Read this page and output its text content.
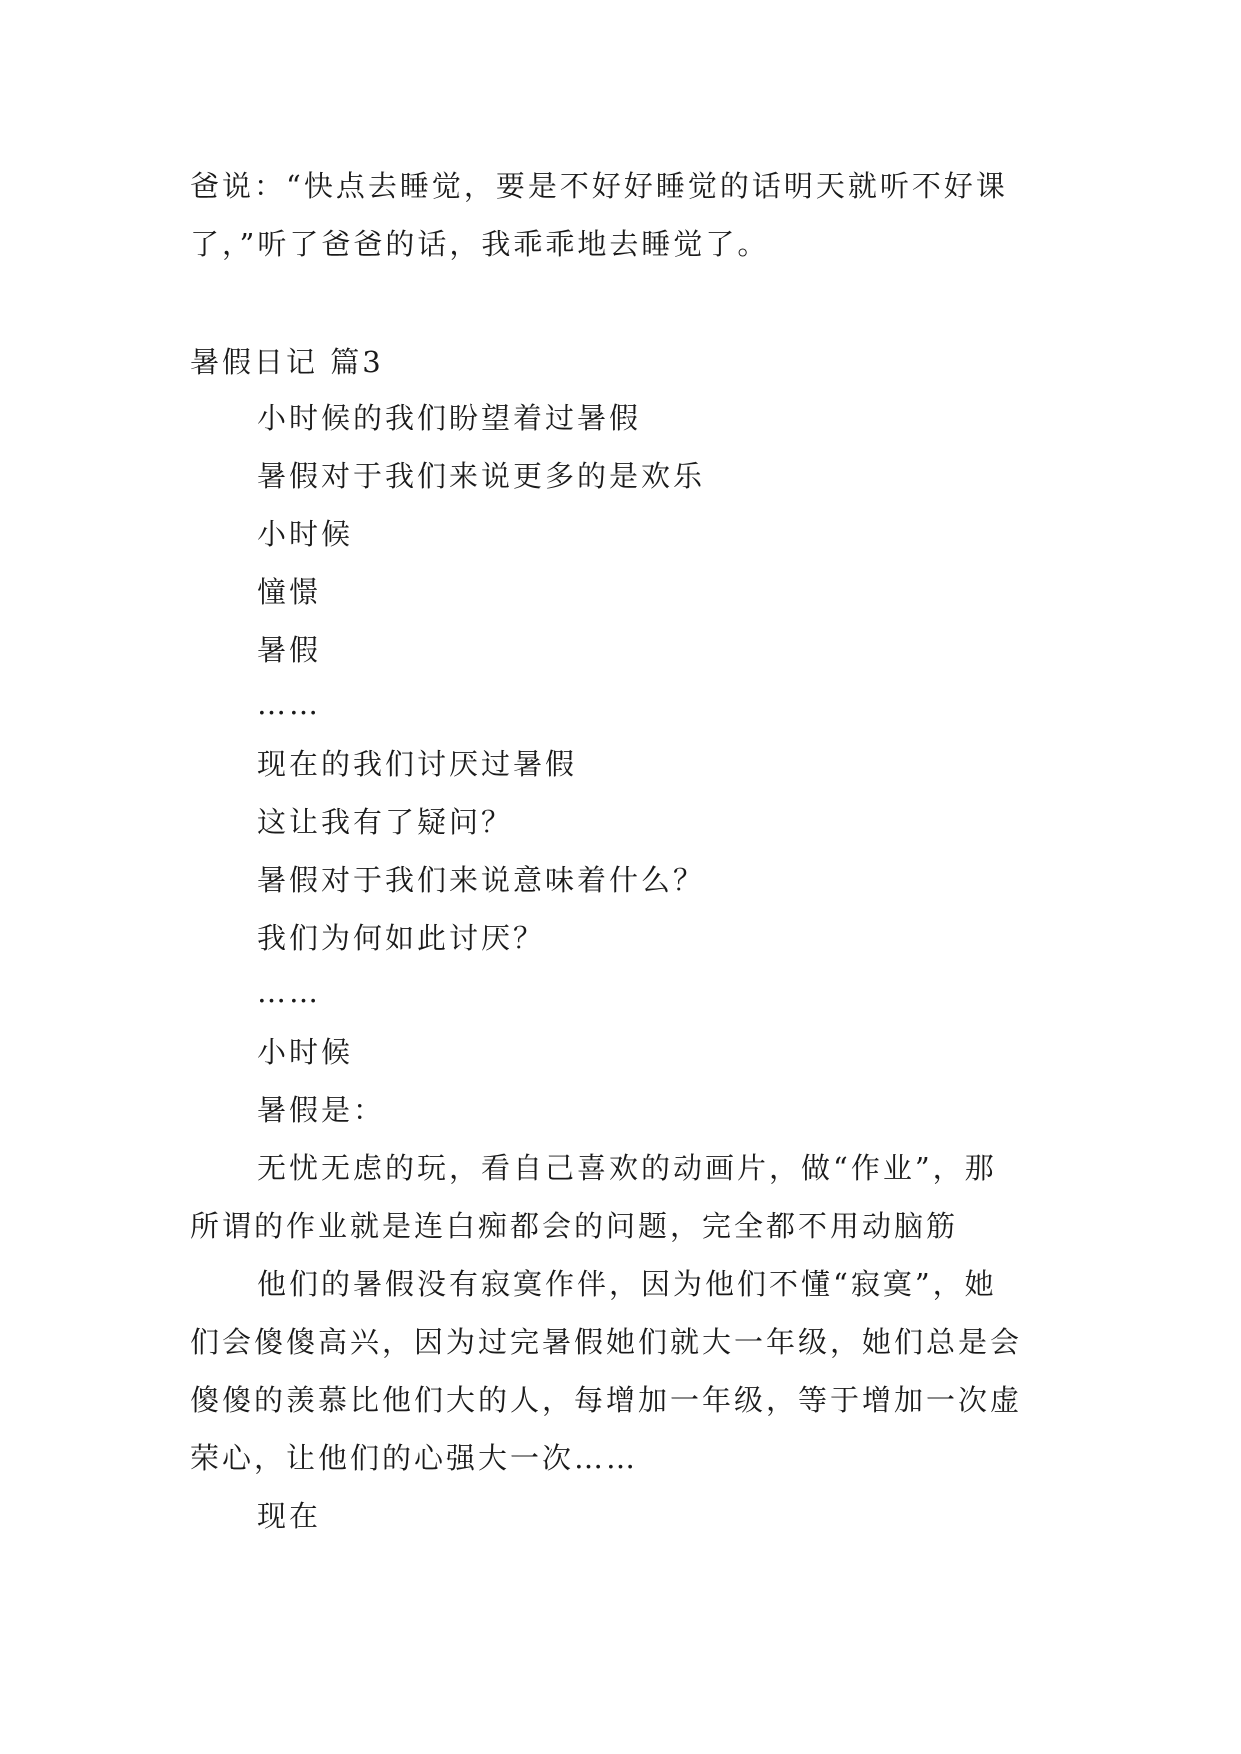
爸说：“快点去睡觉，要是不好好睡觉的话明天就听不好课
了，”听了爸爸的话，我乖乖地去睡觉了。
暑假日记 篇3
小时候的我们盼望着过暑假
暑假对于我们来说更多的是欢乐
小时候
憧憬
暑假
……
现在的我们讨厌过暑假
这让我有了疑问？
暑假对于我们来说意味着什么？
我们为何如此讨厌？
……
小时候
暑假是：
无忧无虑的玩，看自己喜欢的动画片，做“作业”，那
所谓的作业就是连白痴都会的问题，完全都不用动脑筋
他们的暑假没有寂寞作伴，因为他们不懂“寂寞”，她
们会傻傻高兴，因为过完暑假她们就大一年级，她们总是会
傻傻的羡慕比他们大的人，每增加一年级，等于增加一次虚
荣心，让他们的心强大一次……
现在
